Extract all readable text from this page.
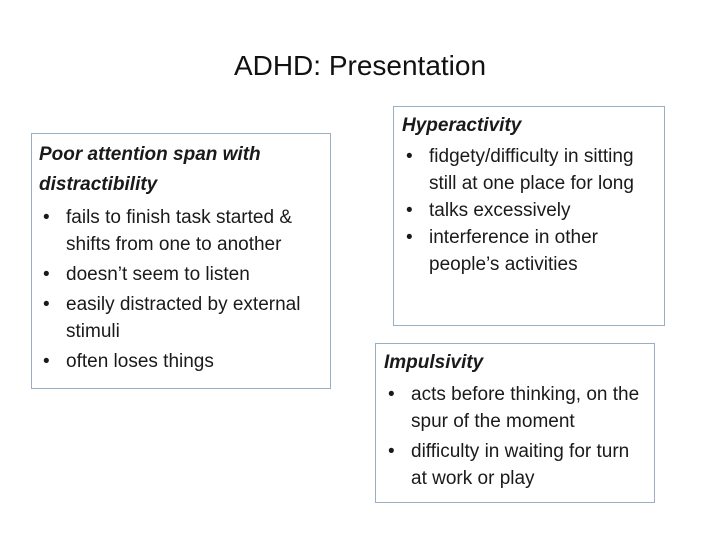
ADHD: Presentation
Poor attention span with distractibility
• fails to finish task started & shifts from one to another
• doesn’t seem to listen
• easily distracted by external stimuli
• often loses things
Hyperactivity
• fidgety/difficulty in sitting still at one place for long
• talks excessively
• interference in other people’s activities
Impulsivity
• acts before thinking, on the spur of the moment
• difficulty in waiting for turn at work or play
